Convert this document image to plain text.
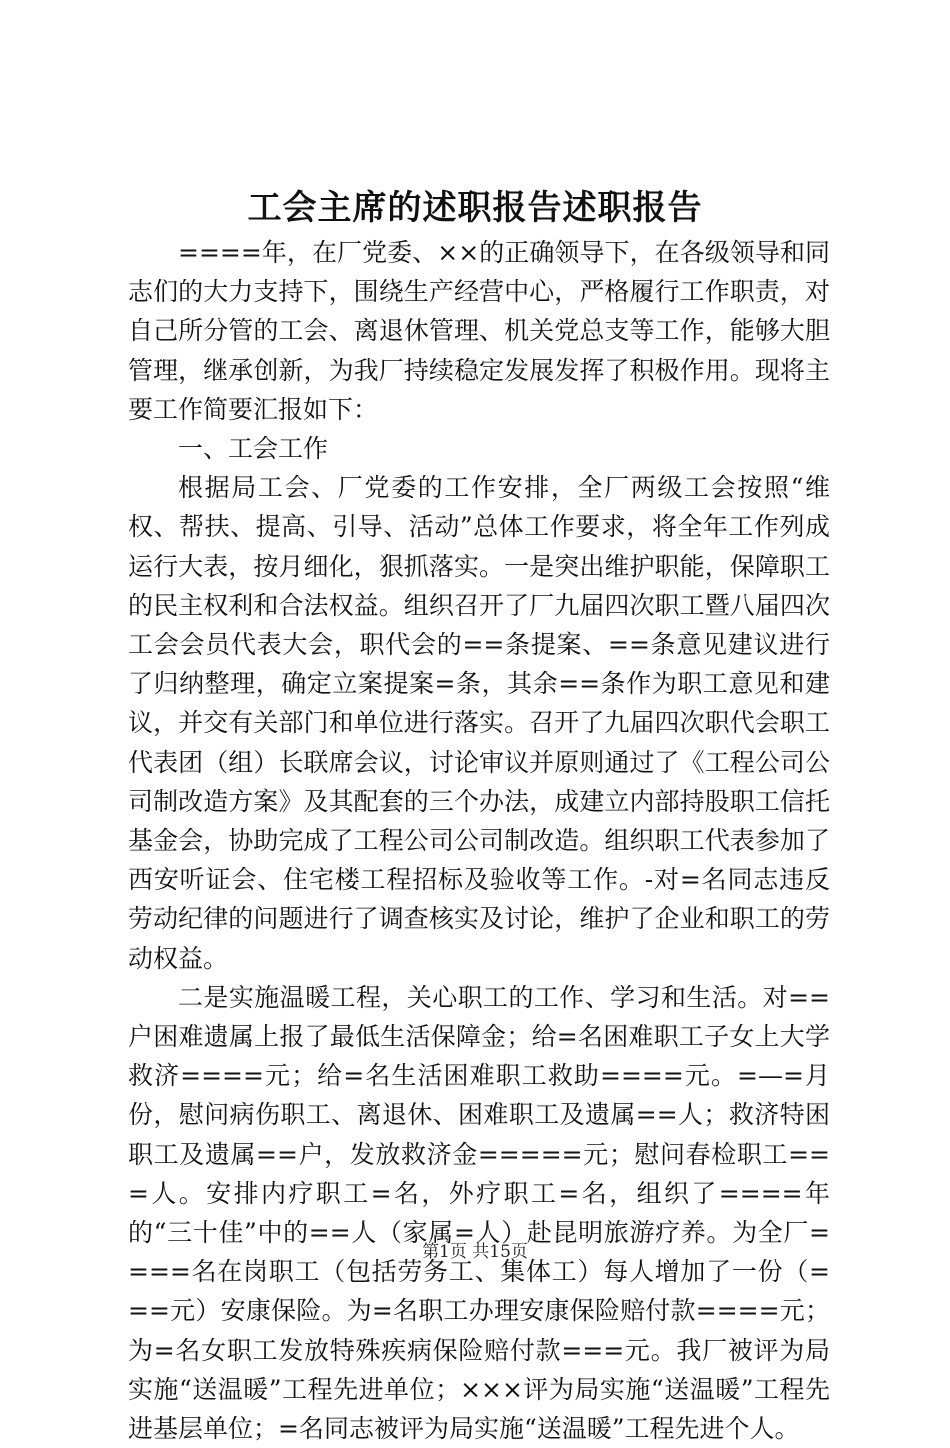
工会主席的述职报告述职报告

====年，在厂党委、××的正确领导下，在各级领导和同志们的大力支持下，围绕生产经营中心，严格履行工作职责，对自己所分管的工会、离退休管理、机关党总支等工作，能够大胆管理，继承创新，为我厂持续稳定发展发挥了积极作用。现将主要工作简要汇报如下：

一、工会工作

根据局工会、厂党委的工作安排，全厂两级工会按照“维权、帮扶、提高、引导、活动”总体工作要求，将全年工作列成运行大表，按月细化，狠抓落实。一是突出维护职能，保障职工的民主权利和合法权益。组织召开了厂九届四次职工暨八届四次工会会员代表大会，职代会的==条提案、==条意见建议进行了归纳整理，确定立案提案=条，其余==条作为职工意见和建议，并交有关部门和单位进行落实。召开了九届四次职代会职工代表团（组）长联席会议，讨论审议并原则通过了《工程公司公司制改造方案》及其配套的三个办法，成建立内部持股职工信托基金会，协助完成了工程公司公司制改造。组织职工代表参加了西安听证会、住宅楼工程招标及验收等工作。-对=名同志违反劳动纪律的问题进行了调查核实及讨论，维护了企业和职工的劳动权益。

二是实施温暖工程，关心职工的工作、学习和生活。对==户困难遗属上报了最低生活保障金；给=名困难职工子女上大学救济====元；给=名生活困难职工救助====元。=—=月份，慰问病伤职工、离退休、困难职工及遗属==人；救济特困职工及遗属==户，发放救济金=====元；慰问春检职工===人。安排内疗职工=名，外疗职工=名，组织了====年的“三十佳”中的==人（家属=人）赴昆明旅游疗养。为全厂====名在岗职工（包括劳务工、集体工）每人增加了一份（===元）安康保险。为=名职工办理安康保险赔付款====元；为=名女职工发放特殊疾病保险赔付款===元。我厂被评为局实施“送温暖”工程先进单位；×××评为局实施“送温暖”工程先进基层单位；=名同志被评为局实施“送温暖”工程先进个人。

第1页 共15页
